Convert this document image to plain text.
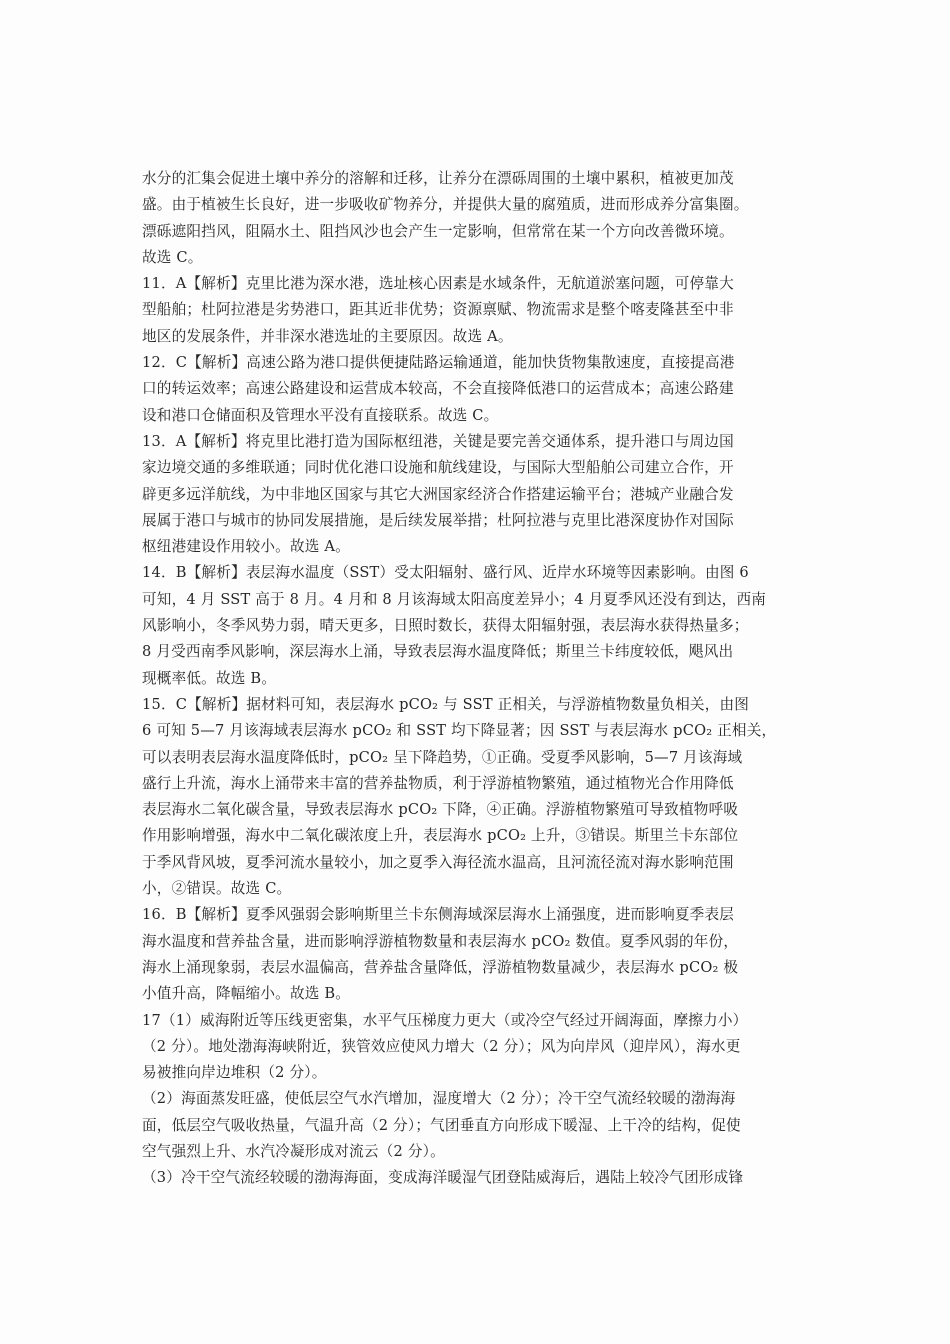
水分的汇集会促进土壤中养分的溶解和迁移，让养分在漂砾周围的土壤中累积，植被更加茂
盛。由于植被生长良好，进一步吸收矿物养分，并提供大量的腐殖质，进而形成养分富集圈。
漂砾遮阳挡风，阻隔水土、阻挡风沙也会产生一定影响，但常常在某一个方向改善微环境。
故选 C。
11．A【解析】克里比港为深水港，选址核心因素是水域条件，无航道淤塞问题，可停靠大
型船舶；杜阿拉港是劣势港口，距其近非优势；资源禀赋、物流需求是整个喀麦隆甚至中非
地区的发展条件，并非深水港选址的主要原因。故选 A。
12．C【解析】高速公路为港口提供便捷陆路运输通道，能加快货物集散速度，直接提高港
口的转运效率；高速公路建设和运营成本较高，不会直接降低港口的运营成本；高速公路建
设和港口仓储面积及管理水平没有直接联系。故选 C。
13．A【解析】将克里比港打造为国际枢纽港，关键是要完善交通体系，提升港口与周边国
家边境交通的多维联通；同时优化港口设施和航线建设，与国际大型船舶公司建立合作，开
辟更多远洋航线，为中非地区国家与其它大洲国家经济合作搭建运输平台；港城产业融合发
展属于港口与城市的协同发展措施，是后续发展举措；杜阿拉港与克里比港深度协作对国际
枢纽港建设作用较小。故选 A。
14．B【解析】表层海水温度（SST）受太阳辐射、盛行风、近岸水环境等因素影响。由图 6
可知，4 月 SST 高于 8 月。4 月和 8 月该海域太阳高度差异小；4 月夏季风还没有到达，西南
风影响小，冬季风势力弱，晴天更多，日照时数长，获得太阳辐射强，表层海水获得热量多；
8 月受西南季风影响，深层海水上涌，导致表层海水温度降低；斯里兰卡纬度较低，飓风出
现概率低。故选 B。
15．C【解析】据材料可知，表层海水 pCO₂ 与 SST 正相关，与浮游植物数量负相关，由图
6 可知 5—7 月该海域表层海水 pCO₂ 和 SST 均下降显著；因 SST 与表层海水 pCO₂ 正相关，
可以表明表层海水温度降低时，pCO₂ 呈下降趋势，①正确。受夏季风影响，5—7 月该海域
盛行上升流，海水上涌带来丰富的营养盐物质，利于浮游植物繁殖，通过植物光合作用降低
表层海水二氧化碳含量，导致表层海水 pCO₂ 下降，④正确。浮游植物繁殖可导致植物呼吸
作用影响增强，海水中二氧化碳浓度上升，表层海水 pCO₂ 上升，③错误。斯里兰卡东部位
于季风背风坡，夏季河流水量较小，加之夏季入海径流水温高，且河流径流对海水影响范围
小，②错误。故选 C。
16．B【解析】夏季风强弱会影响斯里兰卡东侧海域深层海水上涌强度，进而影响夏季表层
海水温度和营养盐含量，进而影响浮游植物数量和表层海水 pCO₂ 数值。夏季风弱的年份，
海水上涌现象弱，表层水温偏高，营养盐含量降低，浮游植物数量减少，表层海水 pCO₂ 极
小值升高，降幅缩小。故选 B。
17（1）威海附近等压线更密集，水平气压梯度力更大（或冷空气经过开阔海面，摩擦力小）
（2 分）。地处渤海海峡附近，狭管效应使风力增大（2 分）；风为向岸风（迎岸风），海水更
易被推向岸边堆积（2 分）。
（2）海面蒸发旺盛，使低层空气水汽增加，湿度增大（2 分）；冷干空气流经较暖的渤海海
面，低层空气吸收热量，气温升高（2 分）；气团垂直方向形成下暖湿、上干冷的结构，促使
空气强烈上升、水汽冷凝形成对流云（2 分）。
（3）冷干空气流经较暖的渤海海面，变成海洋暖湿气团登陆威海后，遇陆上较冷气团形成锋
